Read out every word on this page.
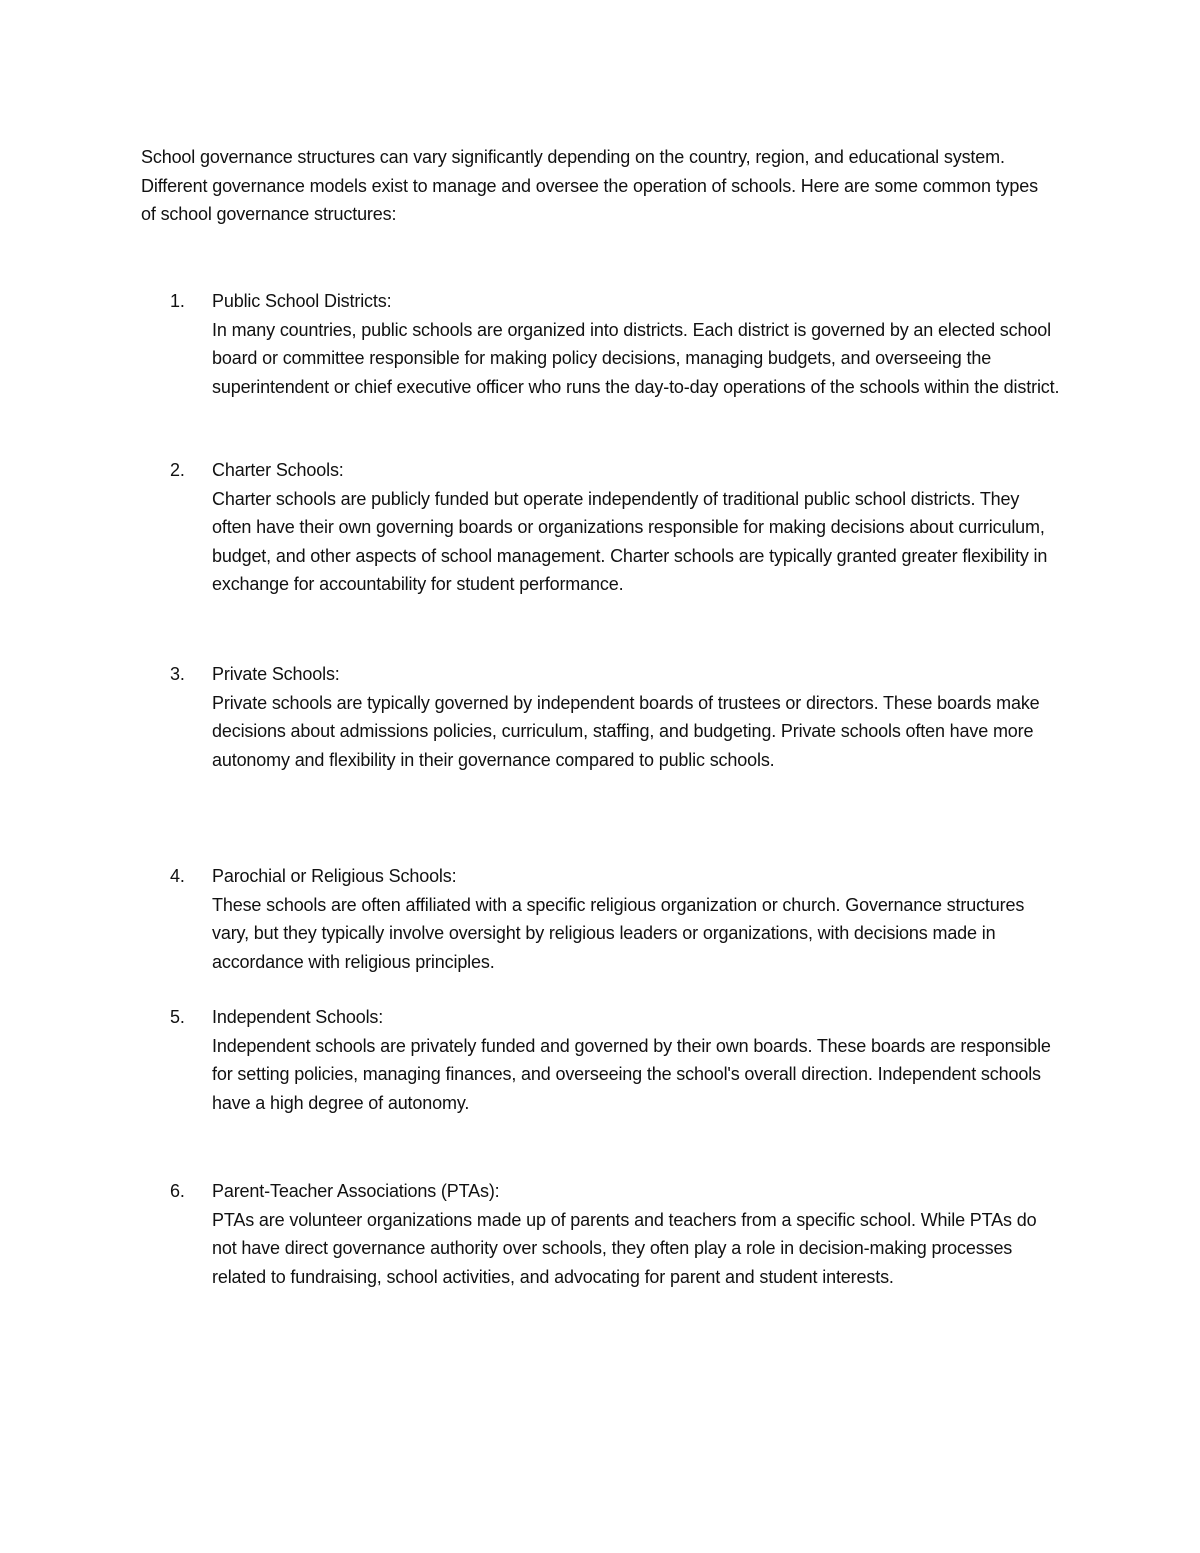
School governance structures can vary significantly depending on the country, region, and educational system. Different governance models exist to manage and oversee the operation of schools. Here are some common types of school governance structures:

1.	Public School Districts:
In many countries, public schools are organized into districts. Each district is governed by an elected school board or committee responsible for making policy decisions, managing budgets, and overseeing the superintendent or chief executive officer who runs the day-to-day operations of the schools within the district.
2.	Charter Schools:
Charter schools are publicly funded but operate independently of traditional public school districts. They often have their own governing boards or organizations responsible for making decisions about curriculum, budget, and other aspects of school management. Charter schools are typically granted greater flexibility in exchange for accountability for student performance.
3.	Private Schools:
Private schools are typically governed by independent boards of trustees or directors. These boards make decisions about admissions policies, curriculum, staffing, and budgeting. Private schools often have more autonomy and flexibility in their governance compared to public schools.
4.	Parochial or Religious Schools:
These schools are often affiliated with a specific religious organization or church. Governance structures vary, but they typically involve oversight by religious leaders or organizations, with decisions made in accordance with religious principles.
5.	Independent Schools:
Independent schools are privately funded and governed by their own boards. These boards are responsible for setting policies, managing finances, and overseeing the school's overall direction. Independent schools have a high degree of autonomy.
6.	Parent-Teacher Associations (PTAs):
PTAs are volunteer organizations made up of parents and teachers from a specific school. While PTAs do not have direct governance authority over schools, they often play a role in decision-making processes related to fundraising, school activities, and advocating for parent and student interests.
